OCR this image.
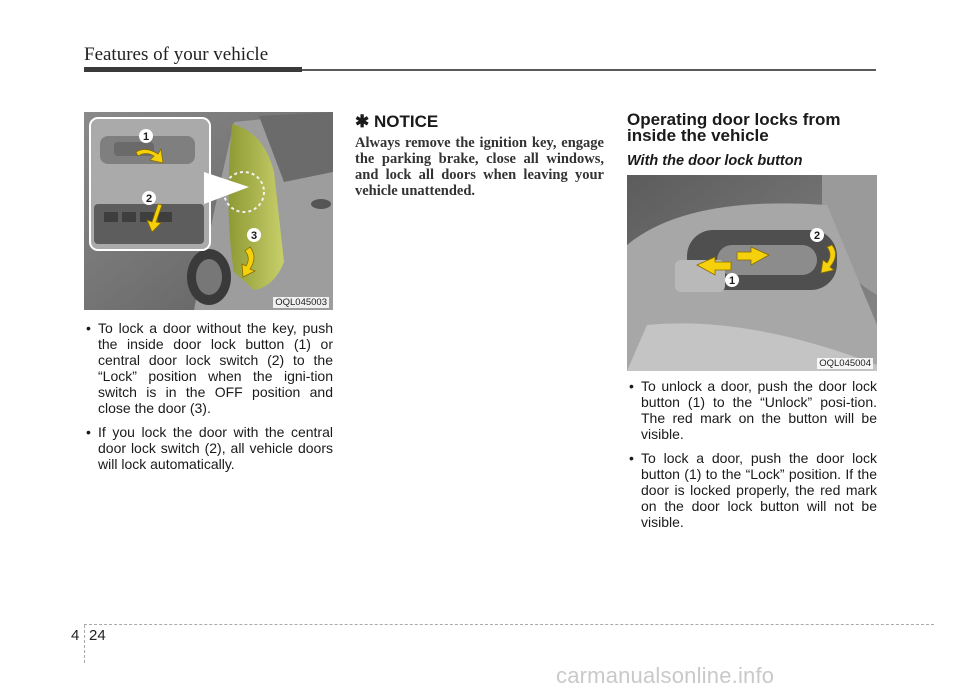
Features of your vehicle
1
2
3
OQL045003
• To lock a door without the key, push the inside door lock button (1) or central door lock switch (2) to the “Lock” position when the igni-tion switch is in the OFF position and close the door (3).
• If you lock the door with the central door lock switch (2), all vehicle doors will lock automatically.
✱ NOTICE
Always remove the ignition key, engage the parking brake, close all windows, and lock all doors when leaving your vehicle unattended.
Operating door locks from inside the vehicle
With the door lock button
2
1
OQL045004
• To unlock a door, push the door lock button (1) to the “Unlock” posi-tion. The red mark on the button will be visible.
• To lock a door, push the door lock button (1) to the “Lock” position. If the door is locked properly, the red mark on the door lock button will not be visible.
4 24
carmanualsonline.info
